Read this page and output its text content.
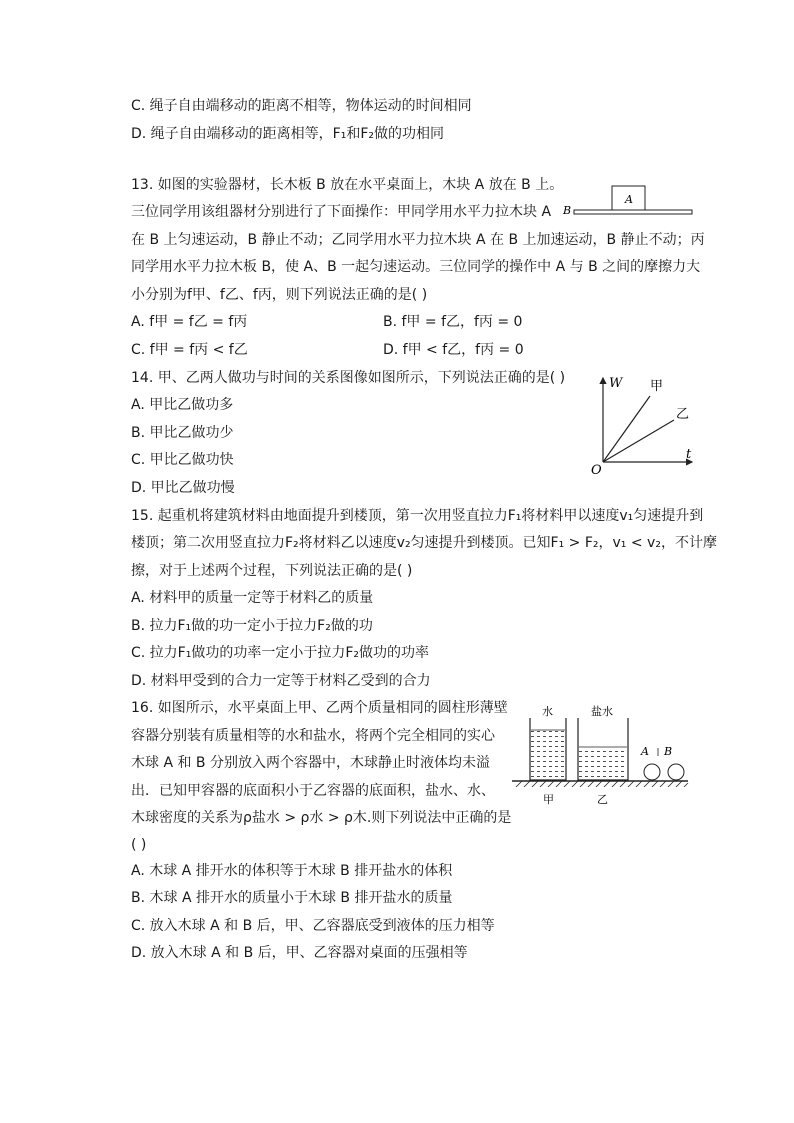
C. 绳子自由端移动的距离不相等，物体运动的时间相同
D. 绳子自由端移动的距离相等，F₁和F₂做的功相同
13. 如图的实验器材，长木板 B 放在水平桌面上，木块 A 放在 B 上。
三位同学用该组器材分别进行了下面操作：甲同学用水平力拉木块 A
在 B 上匀速运动，B 静止不动；乙同学用水平力拉木块 A 在 B 上加速运动，B 静止不动；丙
同学用水平力拉木板 B，使 A、B 一起匀速运动。三位同学的操作中 A 与 B 之间的摩擦力大
小分别为f甲、f乙、f丙，则下列说法正确的是( )
A. f甲 = f乙 = f丙	B. f甲 = f乙，f丙 = 0
C. f甲 = f丙 < f乙	D. f甲 < f乙，f丙 = 0
A
B
14. 甲、乙两人做功与时间的关系图像如图所示，下列说法正确的是( )
A. 甲比乙做功多
B. 甲比乙做功少
C. 甲比乙做功快
D. 甲比乙做功慢
W
t
O
甲
乙
15. 起重机将建筑材料由地面提升到楼顶，第一次用竖直拉力F₁将材料甲以速度v₁匀速提升到
楼顶；第二次用竖直拉力F₂将材料乙以速度v₂匀速提升到楼顶。已知F₁ > F₂，v₁ < v₂，不计摩
擦，对于上述两个过程，下列说法正确的是( )
A. 材料甲的质量一定等于材料乙的质量
B. 拉力F₁做的功一定小于拉力F₂做的功
C. 拉力F₁做功的功率一定小于拉力F₂做功的功率
D. 材料甲受到的合力一定等于材料乙受到的合力
16. 如图所示，水平桌面上甲、乙两个质量相同的圆柱形薄壁
容器分别装有质量相等的水和盐水，将两个完全相同的实心
木球 A 和 B 分别放入两个容器中，木球静止时液体均未溢
出．已知甲容器的底面积小于乙容器的底面积，盐水、水、
木球密度的关系为ρ盐水 > ρ水 > ρ木.则下列说法中正确的是
( )
A. 木球 A 排开水的体积等于木球 B 排开盐水的体积
B. 木球 A 排开水的质量小于木球 B 排开盐水的质量
C. 放入木球 A 和 B 后，甲、乙容器底受到液体的压力相等
D. 放入木球 A 和 B 后，甲、乙容器对桌面的压强相等
水	盐水
甲	乙
A B
